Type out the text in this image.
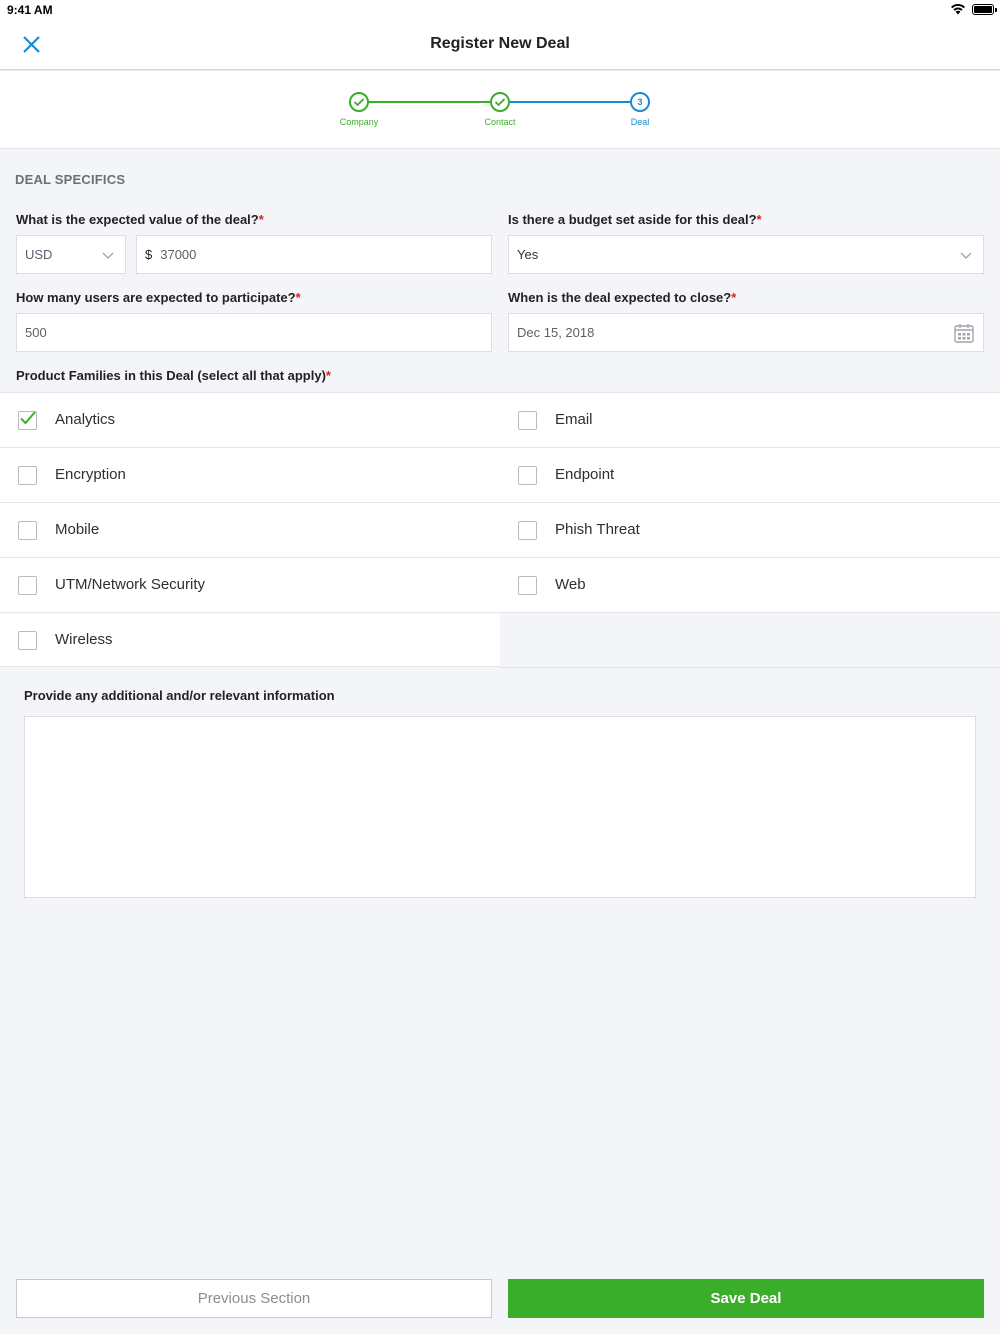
9:41 AM
Register New Deal
Company	Contact
3
Deal
DEAL SPECIFICS
What is the expected value of the deal?*
USD	$ 37000
Is there a budget set aside for this deal?*
Yes
How many users are expected to participate?*
500
When is the deal expected to close?*
Dec 15, 2018
Product Families in this Deal (select all that apply)*
Analytics	Email
Encryption	Endpoint
Mobile	Phish Threat
UTM/Network Security	Web
Wireless
Provide any additional and/or relevant information
Previous Section	Save Deal
